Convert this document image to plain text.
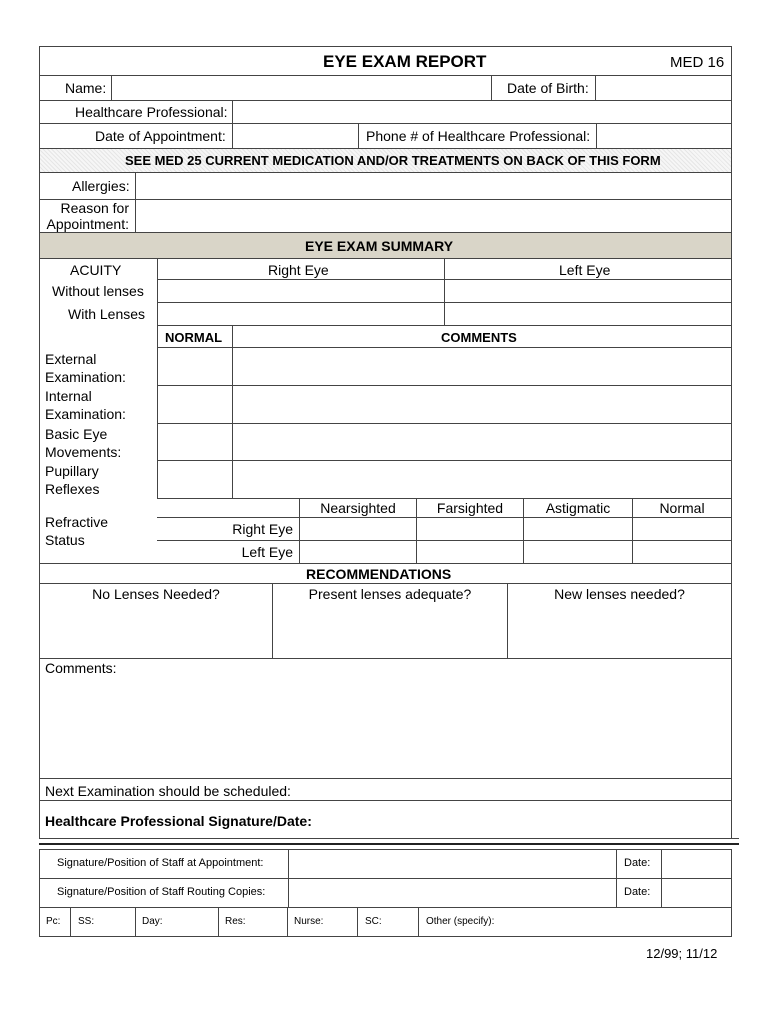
EYE EXAM REPORT	MED 16
Name:	Date of Birth:
Healthcare Professional:
Date of Appointment:	Phone # of Healthcare Professional:
SEE MED 25 CURRENT MEDICATION AND/OR TREATMENTS ON BACK OF THIS FORM
Allergies:
Reason for
Appointment:
EYE EXAM SUMMARY
ACUITY	Right Eye	Left Eye
Without lenses
With Lenses
NORMAL	COMMENTS
External
Examination:
Internal
Examination:
Basic Eye
Movements:
Pupillary
Reflexes
Refractive
Status
Nearsighted	Farsighted	Astigmatic	Normal
Right Eye
Left Eye
RECOMMENDATIONS
No Lenses Needed?	Present lenses adequate?	New lenses needed?
Comments:
Next Examination should be scheduled:
Healthcare Professional Signature/Date:
Signature/Position of Staff at Appointment:	Date:
Signature/Position of Staff Routing Copies:	Date:
Pc: SS:	Day:	Res:	Nurse:	SC:	Other (specify):
12/99; 11/12
